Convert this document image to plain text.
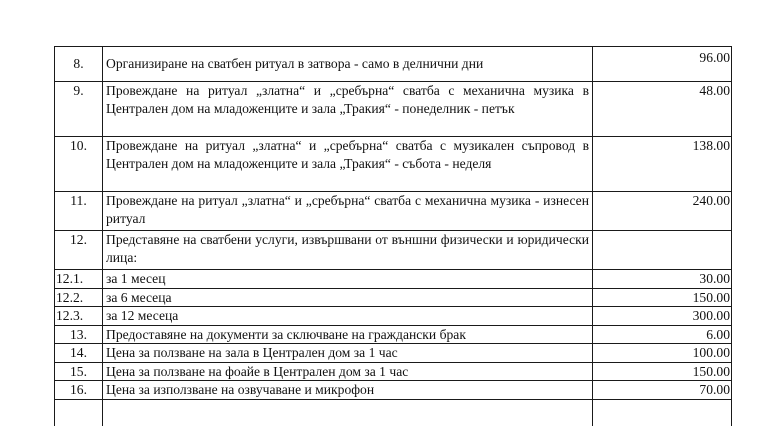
8.	Организиране на сватбен ритуал в затвора - само в делнични дни	96.00
9.	Провеждане на ритуал „златна“ и „сребърна“ сватба с механична музика в Централен дом на младоженците и зала „Тракия“ - понеделник - петък	48.00
10.	Провеждане на ритуал „златна“ и „сребърна“ сватба с музикален съпровод в Централен дом на младоженците и зала „Тракия“ - събота - неделя	138.00
11.	Провеждане на ритуал „златна“ и „сребърна“ сватба с механична музика - изнесен ритуал	240.00
12.	Представяне на сватбени услуги, извършвани от външни физически и юридически лица:	
12.1.	за 1 месец	30.00
12.2.	за 6 месеца	150.00
12.3.	за 12 месеца	300.00
13.	Предоставяне на документи за сключване на граждански брак	6.00
14.	Цена за ползване на зала в Централен дом за 1 час	100.00
15.	Цена за ползване на фоайе в Централен дом за 1 час	150.00
16.	Цена за използване на озвучаване и микрофон	70.00
